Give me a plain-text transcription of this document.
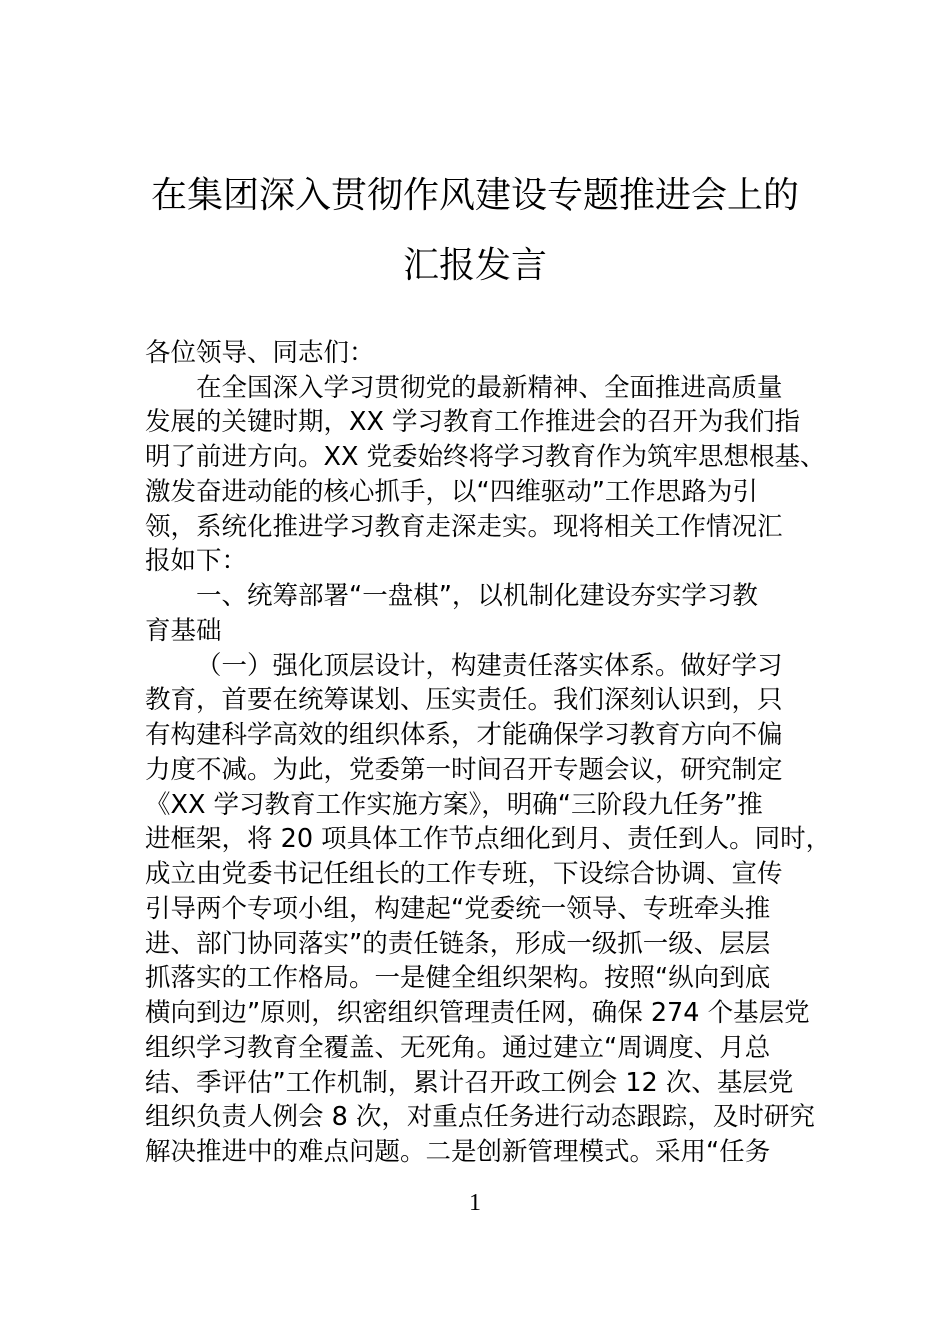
在集团深入贯彻作风建设专题推进会上的
汇报发言
各位领导、同志们：
在全国深入学习贯彻党的最新精神、全面推进高质量
发展的关键时期，XX 学习教育工作推进会的召开为我们指
明了前进方向。XX 党委始终将学习教育作为筑牢思想根基、
激发奋进动能的核心抓手，以“四维驱动”工作思路为引
领，系统化推进学习教育走深走实。现将相关工作情况汇
报如下：
一、统筹部署“一盘棋”，以机制化建设夯实学习教
育基础
（一）强化顶层设计，构建责任落实体系。做好学习
教育，首要在统筹谋划、压实责任。我们深刻认识到，只
有构建科学高效的组织体系，才能确保学习教育方向不偏
力度不减。为此，党委第一时间召开专题会议，研究制定
《XX 学习教育工作实施方案》，明确“三阶段九任务”推
进框架，将 20 项具体工作节点细化到月、责任到人。同时，
成立由党委书记任组长的工作专班，下设综合协调、宣传
引导两个专项小组，构建起“党委统一领导、专班牵头推
进、部门协同落实”的责任链条，形成一级抓一级、层层
抓落实的工作格局。一是健全组织架构。按照“纵向到底
横向到边”原则，织密组织管理责任网，确保 274 个基层党
组织学习教育全覆盖、无死角。通过建立“周调度、月总
结、季评估”工作机制，累计召开政工例会 12 次、基层党
组织负责人例会 8 次，对重点任务进行动态跟踪，及时研究
解决推进中的难点问题。二是创新管理模式。采用“任务
1
